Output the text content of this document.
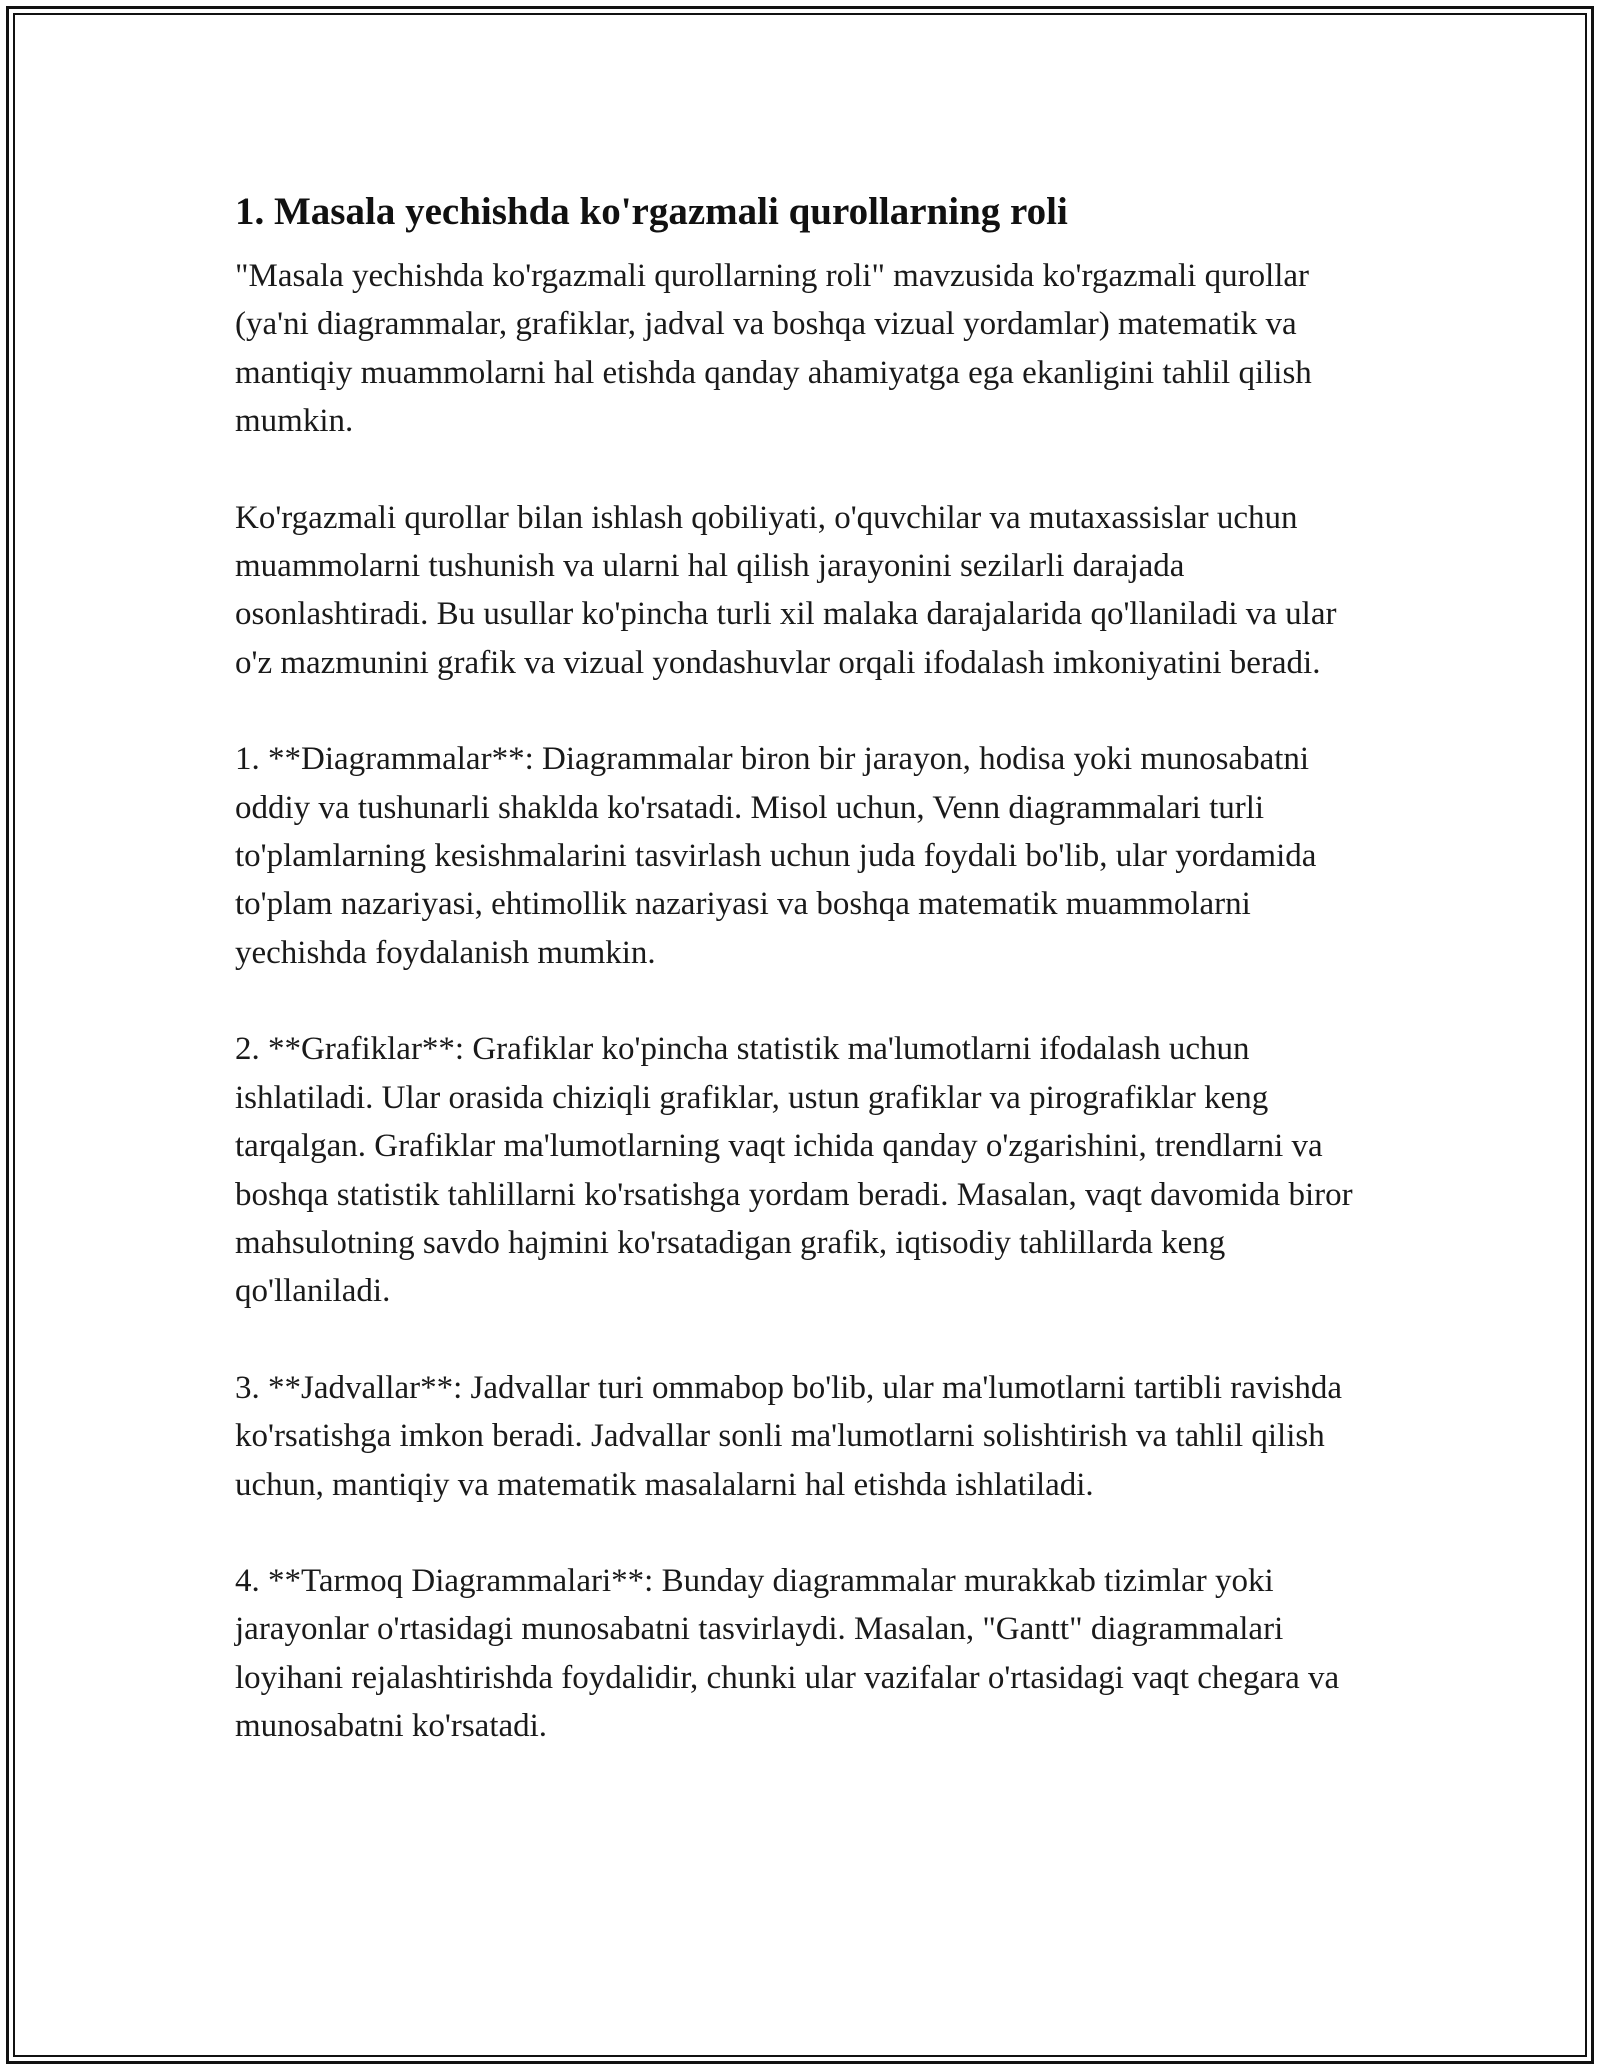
1. Masala yechishda ko'rgazmali qurollarning roli

"Masala yechishda ko'rgazmali qurollarning roli" mavzusida ko'rgazmali qurollar (ya'ni diagrammalar, grafiklar, jadval va boshqa vizual yordamlar) matematik va mantiqiy muammolarni hal etishda qanday ahamiyatga ega ekanligini tahlil qilish mumkin.

Ko'rgazmali qurollar bilan ishlash qobiliyati, o'quvchilar va mutaxassislar uchun muammolarni tushunish va ularni hal qilish jarayonini sezilarli darajada osonlashtiradi. Bu usullar ko'pincha turli xil malaka darajalarida qo'llaniladi va ular o'z mazmunini grafik va vizual yondashuvlar orqali ifodalash imkoniyatini beradi.

1. **Diagrammalar**: Diagrammalar biron bir jarayon, hodisa yoki munosabatni oddiy va tushunarli shaklda ko'rsatadi. Misol uchun, Venn diagrammalari turli to'plamlarning kesishmalarini tasvirlash uchun juda foydali bo'lib, ular yordamida to'plam nazariyasi, ehtimollik nazariyasi va boshqa matematik muammolarni yechishda foydalanish mumkin.

2. **Grafiklar**: Grafiklar ko'pincha statistik ma'lumotlarni ifodalash uchun ishlatiladi. Ular orasida chiziqli grafiklar, ustun grafiklar va pirografiklar keng tarqalgan. Grafiklar ma'lumotlarning vaqt ichida qanday o'zgarishini, trendlarni va boshqa statistik tahlillarni ko'rsatishga yordam beradi. Masalan, vaqt davomida biror mahsulotning savdo hajmini ko'rsatadigan grafik, iqtisodiy tahlillarda keng qo'llaniladi.

3. **Jadvallar**: Jadvallar turi ommabop bo'lib, ular ma'lumotlarni tartibli ravishda ko'rsatishga imkon beradi. Jadvallar sonli ma'lumotlarni solishtirish va tahlil qilish uchun, mantiqiy va matematik masalalarni hal etishda ishlatiladi.

4. **Tarmoq Diagrammalari**: Bunday diagrammalar murakkab tizimlar yoki jarayonlar o'rtasidagi munosabatni tasvirlaydi. Masalan, "Gantt" diagrammalari loyihani rejalashtirishda foydalidir, chunki ular vazifalar o'rtasidagi vaqt chegara va munosabatni ko'rsatadi.
